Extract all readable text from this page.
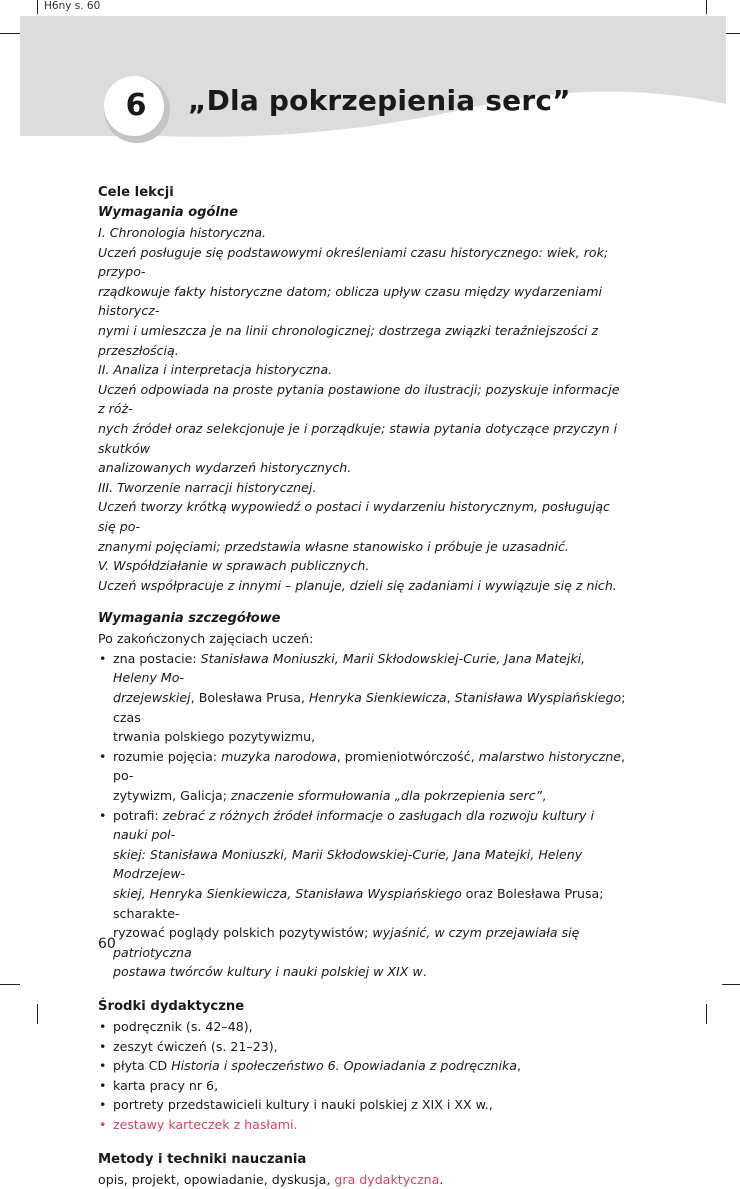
H6ny s. 60
6	„Dla pokrzepienia serc”
Cele lekcji
Wymagania ogólne

I. Chronologia historyczna.

Uczeń posługuje się podstawowymi określeniami czasu historycznego: wiek, rok; przypo-

rządkowuje fakty historyczne datom; oblicza upływ czasu między wydarzeniami historycz-

nymi i umieszcza je na linii chronologicznej; dostrzega związki teraźniejszości z przeszłością.

II. Analiza i interpretacja historyczna.

Uczeń odpowiada na proste pytania postawione do ilustracji; pozyskuje informacje z róż-

nych źródeł oraz selekcjonuje je i porządkuje; stawia pytania dotyczące przyczyn i skutków

analizowanych wydarzeń historycznych.

III. Tworzenie narracji historycznej.

Uczeń tworzy krótką wypowiedź o postaci i wydarzeniu historycznym, posługując się po-

znanymi pojęciami; przedstawia własne stanowisko i próbuje je uzasadnić.

V. Współdziałanie w sprawach publicznych.

Uczeń współpracuje z innymi – planuje, dzieli się zadaniami i wywiązuje się z nich.

Wymagania szczegółowe

Po zakończonych zajęciach uczeń:

• zna postacie: Stanisława Moniuszki, Marii Skłodowskiej-Curie, Jana Matejki, Heleny Mo-
drzejewskiej, Bolesława Prusa, Henryka Sienkiewicza, Stanisława Wyspiańskiego; czas
trwania polskiego pozytywizmu,
• rozumie pojęcia: muzyka narodowa, promieniotwórczość, malarstwo historyczne, po-
zytywizm, Galicja; znaczenie sformułowania „dla pokrzepienia serc”,
• potrafi: zebrać z różnych źródeł informacje o zasługach dla rozwoju kultury i nauki pol-
skiej: Stanisława Moniuszki, Marii Skłodowskiej-Curie, Jana Matejki, Heleny Modrzejew-
skiej, Henryka Sienkiewicza, Stanisława Wyspiańskiego oraz Bolesława Prusa; scharakte-
ryzować poglądy polskich pozytywistów; wyjaśnić, w czym przejawiała się patriotyczna
postawa twórców kultury i nauki polskiej w XIX w.
Środki dydaktyczne
• podręcznik (s. 42–48),
• zeszyt ćwiczeń (s. 21–23),
• płyta CD Historia i społeczeństwo 6. Opowiadania z podręcznika,
• karta pracy nr 6,
• portrety przedstawicieli kultury i nauki polskiej z XIX i XX w.,
• zestawy karteczek z hasłami.
Metody i techniki nauczania

opis, projekt, opowiadanie, dyskusja, gra dydaktyczna.

60
